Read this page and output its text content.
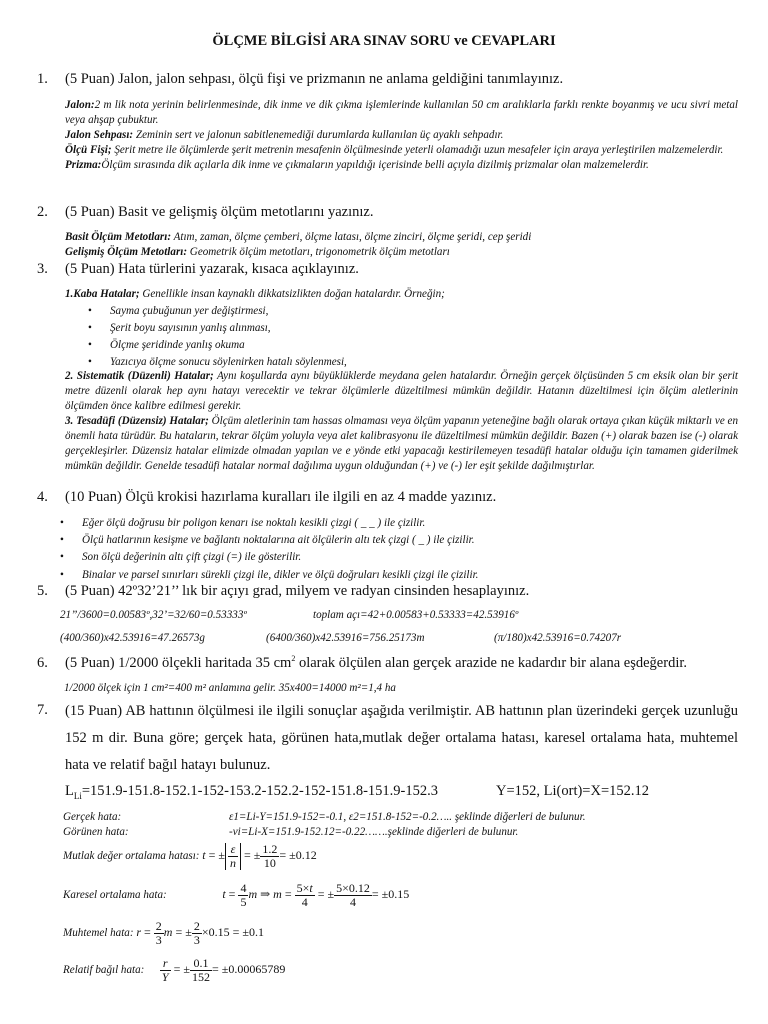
ÖLÇME BİLGİSİ ARA SINAV SORU ve CEVAPLARI
1. (5 Puan) Jalon, jalon sehpası, ölçü fişi ve prizmanın ne anlama geldiğini tanımlayınız.

Jalon:2 m lik nota yerinin belirlenmesinde, dik inme ve dik çıkma işlemlerinde kullanılan 50 cm aralıklarla farklı renkte boyanmış ve ucu sivri metal veya ahşap çubuktur.

Jalon Sehpası: Zeminin sert ve jalonun sabitlenemediği durumlarda kullanılan üç ayaklı sehpadır.

Ölçü Fişi; Şerit metre ile ölçümlerde şerit metrenin mesafenin ölçülmesinde yeterli olamadığı uzun mesafeler için araya yerleştirilen malzemelerdir.

Prizma:Ölçüm sırasında dik açılarla dik inme ve çıkmaların yapıldığı içerisinde belli açıyla dizilmiş prizmalar olan malzemelerdir.

2. (5 Puan) Basit ve gelişmiş ölçüm metotlarını yazınız.

Basit Ölçüm Metotları: Atım, zaman, ölçme çemberi, ölçme latası, ölçme zinciri, ölçme şeridi, cep şeridi

Gelişmiş Ölçüm Metotları: Geometrik ölçüm metotları, trigonometrik ölçüm metotları

3. (5 Puan) Hata türlerini yazarak, kısaca açıklayınız.
1.Kaba Hatalar; Genellikle insan kaynaklı dikkatsizlikten doğan hatalardır. Örneğin;
• Sayma çubuğunun yer değiştirmesi,
• Şerit boyu sayısının yanlış alınması,
• Ölçme şeridinde yanlış okuma
• Yazıcıya ölçme sonucu söylenirken hatalı söylenmesi,

2. Sistematik (Düzenli) Hatalar; Aynı koşullarda aynı büyüklüklerde meydana gelen hatalardır. Örneğin gerçek ölçüsünden 5 cm eksik olan bir şerit metre düzenli olarak hep aynı hatayı verecektir ve tekrar ölçümlerle düzeltilmesi mümkün değildir. Hatanın düzeltilmesi için ölçüm aletlerinin ölçümden önce kalibre edilmesi gerekir.

3. Tesadüfi (Düzensiz) Hatalar; Ölçüm aletlerinin tam hassas olmaması veya ölçüm yapanın yeteneğine bağlı olarak ortaya çıkan küçük miktarlı ve en önemli hata türüdür. Bu hataların, tekrar ölçüm yoluyla veya alet kalibrasyonu ile düzeltilmesi mümkün değildir. Bazen (+) olarak bazen ise (-) olarak gerçekleşirler. Düzensiz hatalar elimizde olmadan yapılan ve e yönde etki yapacağı kestirilemeyen tesadüfi hatalar olduğu için tamamen giderilmek mümkün değildir. Genelde tesadüfi hatalar normal dağılıma uygun olduğundan (+) ve (-) ler eşit şekilde dağılmıştırlar.

4. (10 Puan) Ölçü krokisi hazırlama kuralları ile ilgili en az 4 madde yazınız.
• Eğer ölçü doğrusu bir poligon kenarı ise noktalı kesikli çizgi ( _ _ ) ile çizilir.
• Ölçü hatlarının kesişme ve bağlantı noktalarına ait ölçülerin altı tek çizgi ( _ ) ile çizilir.
• Son ölçü değerinin altı çift çizgi (=) ile gösterilir.
• Binalar ve parsel sınırları sürekli çizgi ile, dikler ve ölçü doğruları kesikli çizgi ile çizilir.
5. (5 Puan) 42º32’21’’ lık bir açıyı grad, milyem ve radyan cinsinden hesaplayınız.
21’’/3600=0.00583º,32’=32/60=0.53333º	toplam açı=42+0.00583+0.53333=42.53916º
(400/360)x42.53916=47.26573g	(6400/360)x42.53916=756.25173m	(π/180)x42.53916=0.74207r
6. (5 Puan) 1/2000 ölçekli haritada 35 $cm^2$ olarak ölçülen alan gerçek arazide ne kadardır bir alana eşdeğerdir.
1/2000 ölçek için 1 cm²=400 m² anlamına gelir. 35x400=14000 m²=1,4 ha
7.	(15 Puan) AB hattının ölçülmesi ile ilgili sonuçlar aşağıda verilmiştir. AB hattının plan üzerindeki gerçek uzunluğu 152 m dir. Buna göre; gerçek hata, görünen hata,mutlak değer ortalama hatası, karesel ortalama hata, muhtemel hata ve relatif bağıl hatayı bulunuz.
$L_{Li}=151.9-151.8-152.1-152-153.2-152.2-152-151.8-151.9-152.3$	Y=152, Li(ort)=X=152.12
Gerçek hata:	ε1=Li-Y=151.9-152=-0.1, ε2=151.8-152=-0.2….. şeklinde diğerleri de bulunur.
Görünen hata:	-vi=Li-X=151.9-152.12=-0.22…….şeklinde diğerleri de bulunur.
Mutlak değer ortalama hatası: t = ± $\frac{\varepsilon}{n}$ = ± $\frac{1.2}{10} = \pm 0.12$
Karesel ortalama hata:	$t = \frac{4}{5}$ m ⇒ $m = \frac{5\times t}{4}$ = ± $\frac{5\times 0.12}{4} = \pm 0.15$
Muhtemel hata: $r = \frac{2}{3}$ m = ± $\frac{2}{3} \times 0.15 = \pm 0.1$
Relatif bağıl hata: $\frac{r}{Y}$ = ± $\frac{0.1}{152} = \pm 0.00065789$
